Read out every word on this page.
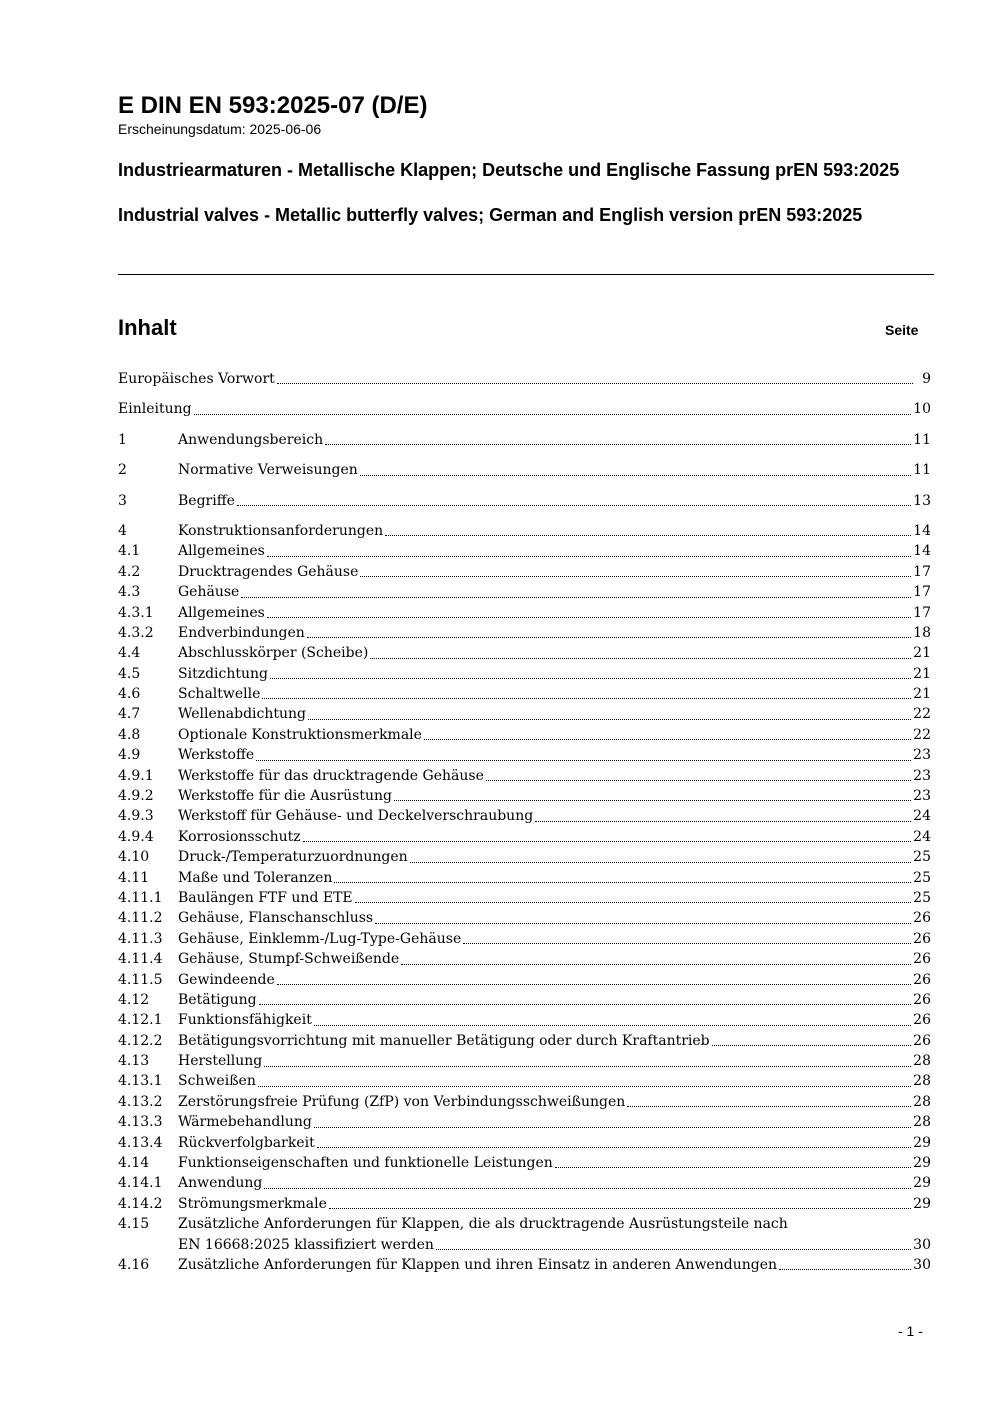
E DIN EN 593:2025-07 (D/E)

Erscheinungsdatum: 2025-06-06

Industriearmaturen - Metallische Klappen; Deutsche und Englische Fassung prEN 593:2025

Industrial valves - Metallic butterfly valves; German and English version prEN 593:2025

Inhalt	Seite
Europäisches Vorwort	9
Einleitung	10
1	Anwendungsbereich	11
2	Normative Verweisungen	11
3	Begriffe	13
4	Konstruktionsanforderungen	14
4.1	Allgemeines	14
4.2	Drucktragendes Gehäuse	17
4.3	Gehäuse	17
4.3.1	Allgemeines	17
4.3.2	Endverbindungen	18
4.4	Abschlusskörper (Scheibe)	21
4.5	Sitzdichtung	21
4.6	Schaltwelle	21
4.7	Wellenabdichtung	22
4.8	Optionale Konstruktionsmerkmale	22
4.9	Werkstoffe	23
4.9.1	Werkstoffe für das drucktragende Gehäuse	23
4.9.2	Werkstoffe für die Ausrüstung	23
4.9.3	Werkstoff für Gehäuse- und Deckelverschraubung	24
4.9.4	Korrosionsschutz	24
4.10	Druck-/Temperaturzuordnungen	25
4.11	Maße und Toleranzen	25
4.11.1	Baulängen FTF und ETE	25
4.11.2	Gehäuse, Flanschanschluss	26
4.11.3	Gehäuse, Einklemm-/Lug-Type-Gehäuse	26
4.11.4	Gehäuse, Stumpf-Schweißende	26
4.11.5	Gewindeende	26
4.12	Betätigung	26
4.12.1	Funktionsfähigkeit	26
4.12.2	Betätigungsvorrichtung mit manueller Betätigung oder durch Kraftantrieb	26
4.13	Herstellung	28
4.13.1	Schweißen	28
4.13.2	Zerstörungsfreie Prüfung (ZfP) von Verbindungsschweißungen	28
4.13.3	Wärmebehandlung	28
4.13.4	Rückverfolgbarkeit	29
4.14	Funktionseigenschaften und funktionelle Leistungen	29
4.14.1	Anwendung	29
4.14.2	Strömungsmerkmale	29
4.15	Zusätzliche Anforderungen für Klappen, die als drucktragende Ausrüstungsteile nach
EN 16668:2025 klassifiziert werden	30
4.16	Zusätzliche Anforderungen für Klappen und ihren Einsatz in anderen Anwendungen	30
- 1 -
